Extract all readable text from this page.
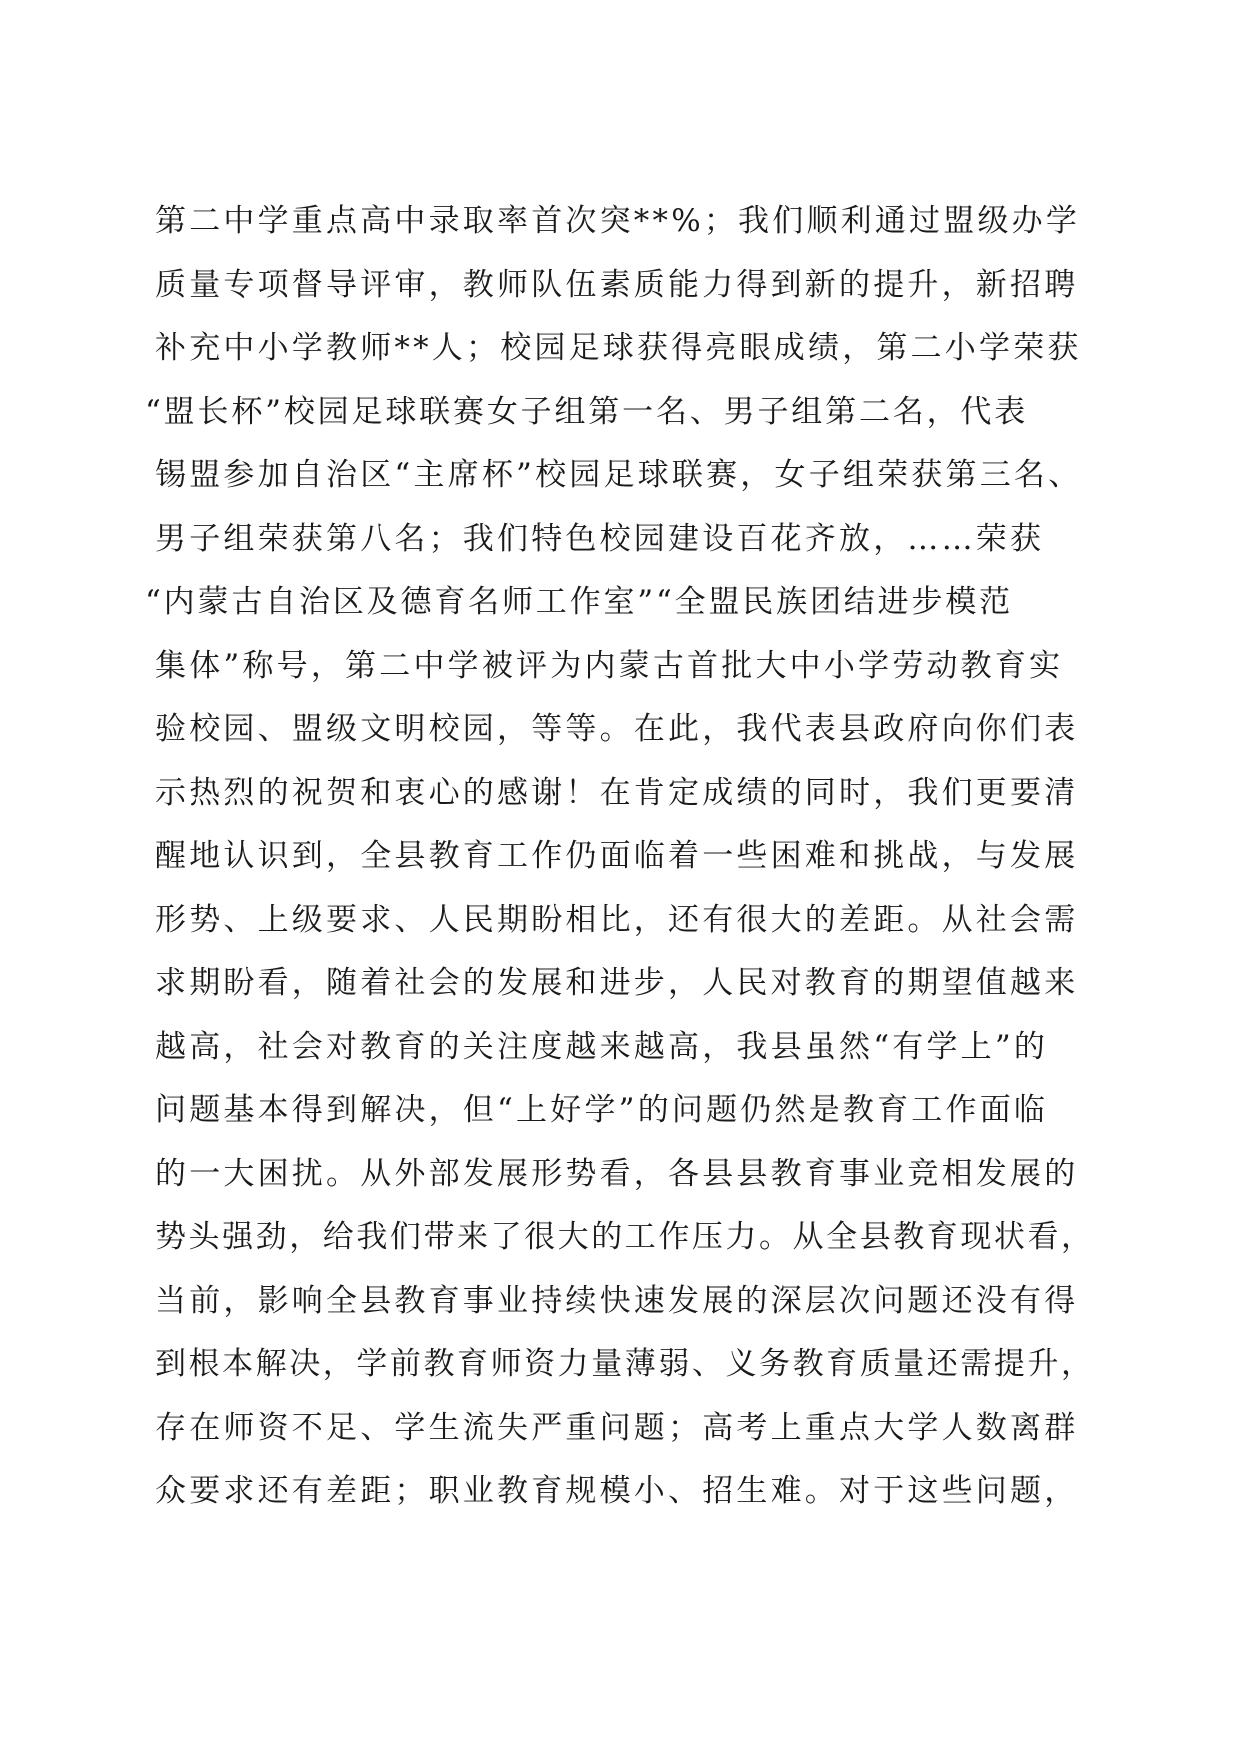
第二中学重点高中录取率首次突**%；我们顺利通过盟级办学
质量专项督导评审，教师队伍素质能力得到新的提升，新招聘
补充中小学教师**人；校园足球获得亮眼成绩，第二小学荣获
“盟长杯”校园足球联赛女子组第一名、男子组第二名，代表
锡盟参加自治区“主席杯”校园足球联赛，女子组荣获第三名、
男子组荣获第八名；我们特色校园建设百花齐放，……荣获
“内蒙古自治区及德育名师工作室”“全盟民族团结进步模范
集体”称号，第二中学被评为内蒙古首批大中小学劳动教育实
验校园、盟级文明校园，等等。在此，我代表县政府向你们表
示热烈的祝贺和衷心的感谢！在肯定成绩的同时，我们更要清
醒地认识到，全县教育工作仍面临着一些困难和挑战，与发展
形势、上级要求、人民期盼相比，还有很大的差距。从社会需
求期盼看，随着社会的发展和进步，人民对教育的期望值越来
越高，社会对教育的关注度越来越高，我县虽然“有学上”的
问题基本得到解决，但“上好学”的问题仍然是教育工作面临
的一大困扰。从外部发展形势看，各县县教育事业竞相发展的
势头强劲，给我们带来了很大的工作压力。从全县教育现状看，
当前，影响全县教育事业持续快速发展的深层次问题还没有得
到根本解决，学前教育师资力量薄弱、义务教育质量还需提升，
存在师资不足、学生流失严重问题；高考上重点大学人数离群
众要求还有差距；职业教育规模小、招生难。对于这些问题，
